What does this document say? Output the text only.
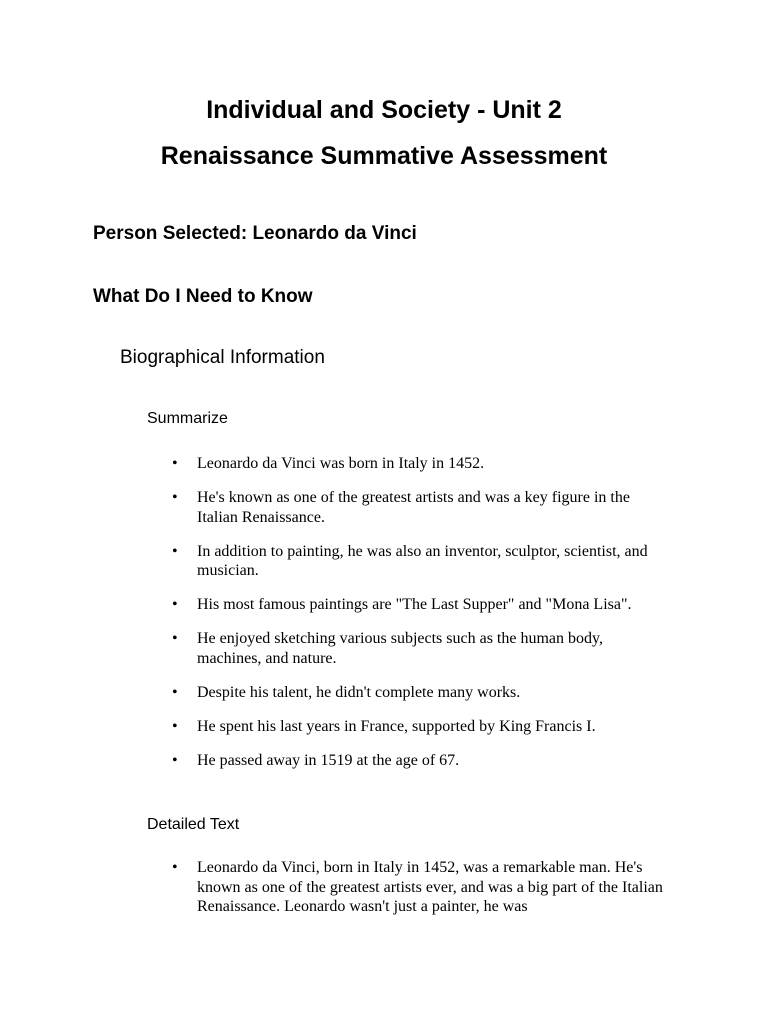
Individual and Society - Unit 2
Renaissance Summative Assessment
Person Selected: Leonardo da Vinci
What Do I Need to Know
Biographical Information
Summarize
• Leonardo da Vinci was born in Italy in 1452.
• He's known as one of the greatest artists and was a key figure in the Italian Renaissance.
• In addition to painting, he was also an inventor, sculptor, scientist, and musician.
• His most famous paintings are "The Last Supper" and "Mona Lisa".
• He enjoyed sketching various subjects such as the human body, machines, and nature.
• Despite his talent, he didn't complete many works.
• He spent his last years in France, supported by King Francis I.
• He passed away in 1519 at the age of 67.
Detailed Text
• Leonardo da Vinci, born in Italy in 1452, was a remarkable man. He's known as one of the greatest artists ever, and was a big part of the Italian Renaissance. Leonardo wasn't just a painter, he was
